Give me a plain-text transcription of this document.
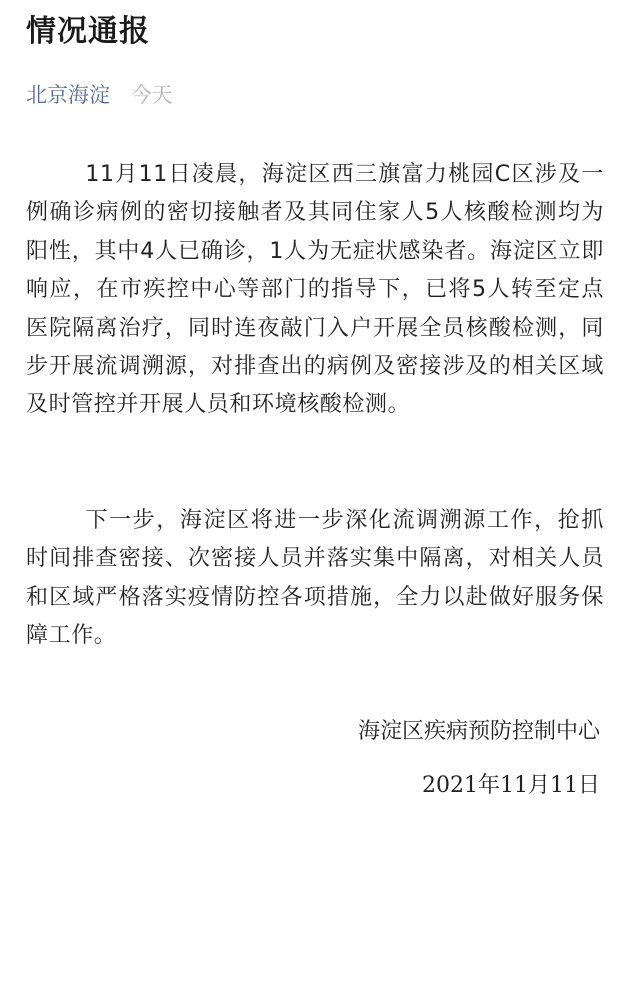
情况通报
北京海淀 今天

11月11日凌晨，海淀区西三旗富力桃园C区涉及一例确诊病例的密切接触者及其同住家人5人核酸检测均为阳性，其中4人已确诊，1人为无症状感染者。海淀区立即响应，在市疾控中心等部门的指导下，已将5人转至定点医院隔离治疗，同时连夜敲门入户开展全员核酸检测，同步开展流调溯源，对排查出的病例及密接涉及的相关区域及时管控并开展人员和环境核酸检测。

下一步，海淀区将进一步深化流调溯源工作，抢抓时间排查密接、次密接人员并落实集中隔离，对相关人员和区域严格落实疫情防控各项措施，全力以赴做好服务保障工作。

海淀区疾病预防控制中心
2021年11月11日
